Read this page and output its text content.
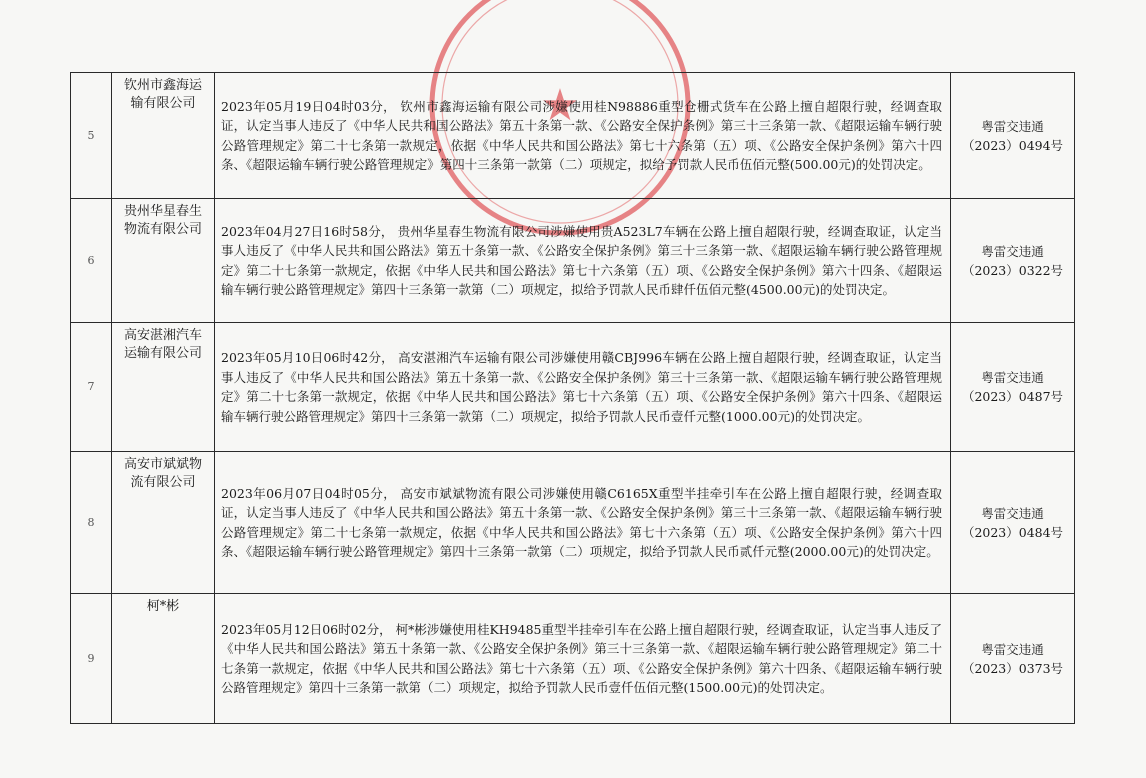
★
5	钦州市鑫海运输有限公司	2023年05月19日04时03分， 钦州市鑫海运输有限公司涉嫌使用桂N98886重型仓栅式货车在公路上擅自超限行驶，经调查取证，认定当事人违反了《中华人民共和国公路法》第五十条第一款、《公路安全保护条例》第三十三条第一款、《超限运输车辆行驶公路管理规定》第二十七条第一款规定，依据《中华人民共和国公路法》第七十六条第（五）项、《公路安全保护条例》第六十四条、《超限运输车辆行驶公路管理规定》第四十三条第一款第（二）项规定，拟给予罚款人民币伍佰元整(500.00元)的处罚决定。	粤雷交违通
（2023）0494号

6	贵州华星春生物流有限公司	2023年04月27日16时58分， 贵州华星春生物流有限公司涉嫌使用贵A523L7车辆在公路上擅自超限行驶，经调查取证，认定当事人违反了《中华人民共和国公路法》第五十条第一款、《公路安全保护条例》第三十三条第一款、《超限运输车辆行驶公路管理规定》第二十七条第一款规定，依据《中华人民共和国公路法》第七十六条第（五）项、《公路安全保护条例》第六十四条、《超限运输车辆行驶公路管理规定》第四十三条第一款第（二）项规定，拟给予罚款人民币肆仟伍佰元整(4500.00元)的处罚决定。	粤雷交违通
（2023）0322号

7	高安湛湘汽车运输有限公司	2023年05月10日06时42分， 高安湛湘汽车运输有限公司涉嫌使用赣CBJ996车辆在公路上擅自超限行驶，经调查取证，认定当事人违反了《中华人民共和国公路法》第五十条第一款、《公路安全保护条例》第三十三条第一款、《超限运输车辆行驶公路管理规定》第二十七条第一款规定，依据《中华人民共和国公路法》第七十六条第（五）项、《公路安全保护条例》第六十四条、《超限运输车辆行驶公路管理规定》第四十三条第一款第（二）项规定，拟给予罚款人民币壹仟元整(1000.00元)的处罚决定。	粤雷交违通
（2023）0487号

8	高安市斌斌物流有限公司	2023年06月07日04时05分， 高安市斌斌物流有限公司涉嫌使用赣C6165X重型半挂牵引车在公路上擅自超限行驶，经调查取证，认定当事人违反了《中华人民共和国公路法》第五十条第一款、《公路安全保护条例》第三十三条第一款、《超限运输车辆行驶公路管理规定》第二十七条第一款规定，依据《中华人民共和国公路法》第七十六条第（五）项、《公路安全保护条例》第六十四条、《超限运输车辆行驶公路管理规定》第四十三条第一款第（二）项规定，拟给予罚款人民币贰仟元整(2000.00元)的处罚决定。	粤雷交违通
（2023）0484号

9	柯*彬	2023年05月12日06时02分， 柯*彬涉嫌使用桂KH9485重型半挂牵引车在公路上擅自超限行驶，经调查取证，认定当事人违反了《中华人民共和国公路法》第五十条第一款、《公路安全保护条例》第三十三条第一款、《超限运输车辆行驶公路管理规定》第二十七条第一款规定，依据《中华人民共和国公路法》第七十六条第（五）项、《公路安全保护条例》第六十四条、《超限运输车辆行驶公路管理规定》第四十三条第一款第（二）项规定，拟给予罚款人民币壹仟伍佰元整(1500.00元)的处罚决定。	粤雷交违通
（2023）0373号
